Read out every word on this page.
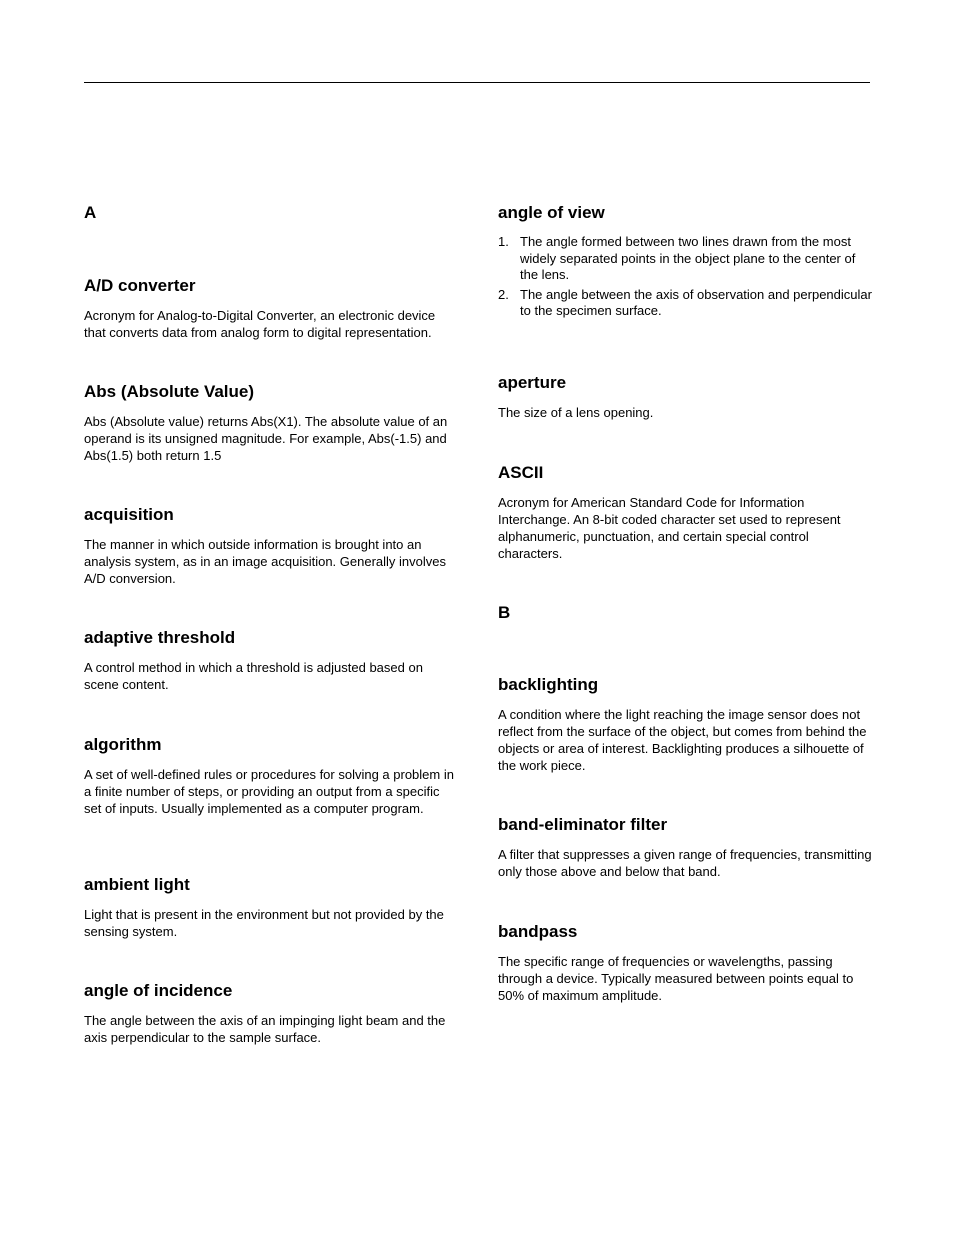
A

A/D converter

Acronym for Analog-to-Digital Converter, an electronic device that converts data from analog form to digital representation.

Abs (Absolute Value)

Abs (Absolute value) returns Abs(X1). The absolute value of an operand is its unsigned magnitude. For example, Abs(-1.5) and Abs(1.5) both return 1.5

acquisition

The manner in which outside information is brought into an analysis system, as in an image acquisition. Generally involves A/D conversion.

adaptive threshold

A control method in which a threshold is adjusted based on scene content.

algorithm

A set of well-defined rules or procedures for solving a problem in a finite number of steps, or providing an output from a specific set of inputs. Usually implemented as a computer program.

ambient light

Light that is present in the environment but not provided by the sensing system.

angle of incidence

The angle between the axis of an impinging light beam and the axis perpendicular to the sample surface.

angle of view

1. The angle formed between two lines drawn from the most widely separated points in the object plane to the center of the lens.
2. The angle between the axis of observation and perpendicular to the specimen surface.

aperture

The size of a lens opening.

ASCII

Acronym for American Standard Code for Information Interchange. An 8-bit coded character set used to represent alphanumeric, punctuation, and certain special control characters.

B

backlighting

A condition where the light reaching the image sensor does not reflect from the surface of the object, but comes from behind the objects or area of interest. Backlighting produces a silhouette of the work piece.

band-eliminator filter

A filter that suppresses a given range of frequencies, transmitting only those above and below that band.

bandpass

The specific range of frequencies or wavelengths, passing through a device. Typically measured between points equal to 50% of maximum amplitude.
